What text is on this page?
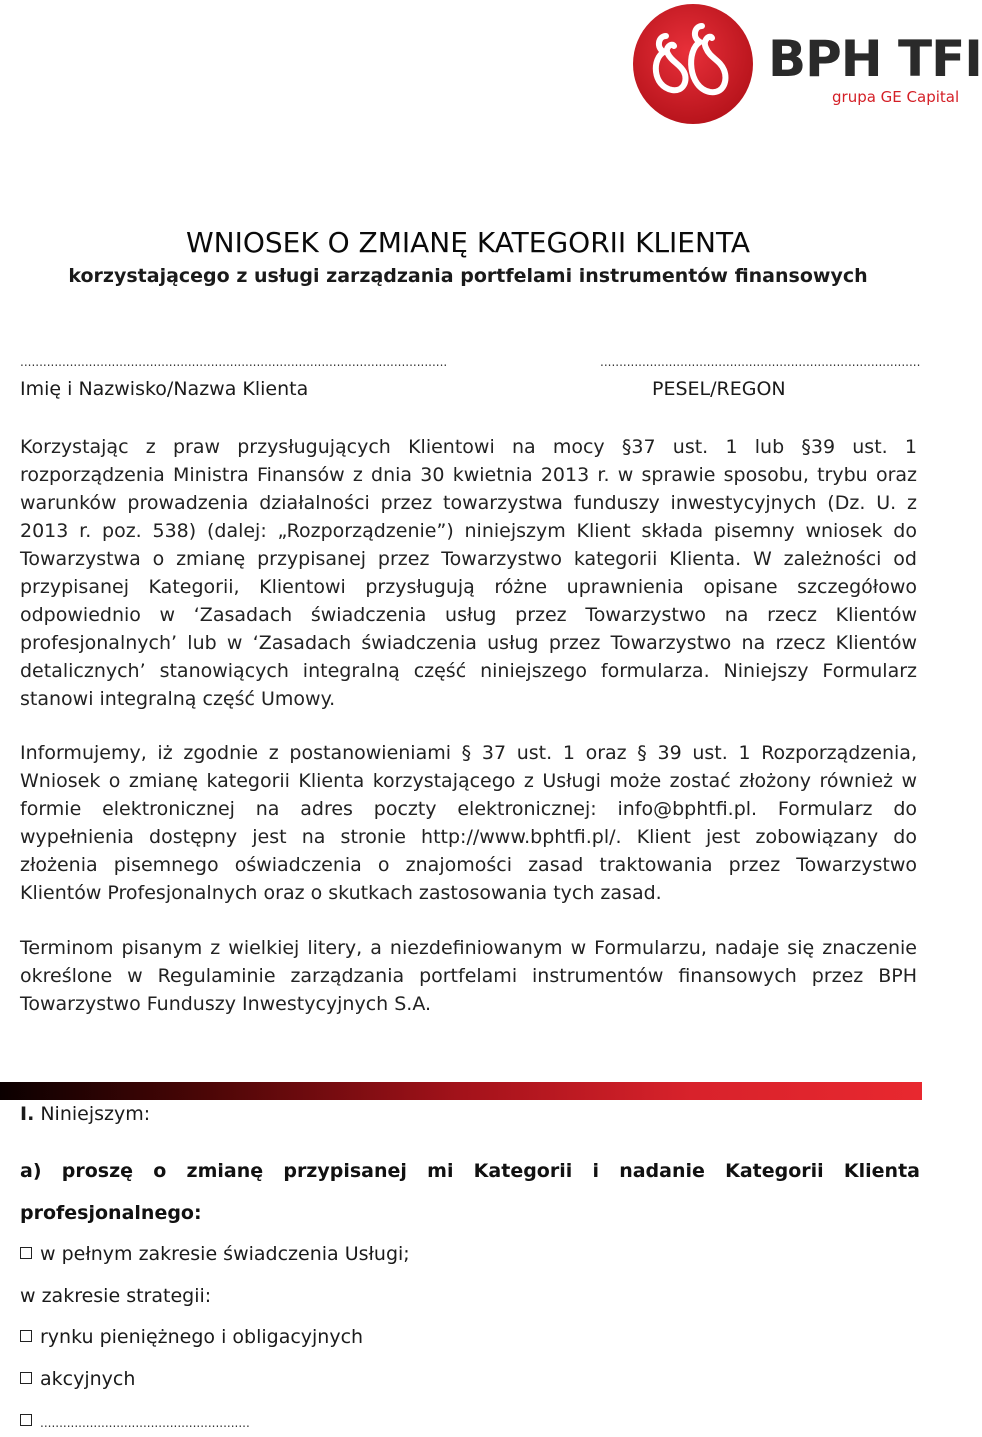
BPH TFI
grupa GE Capital
WNIOSEK O ZMIANĘ KATEGORII KLIENTA
korzystającego z usługi zarządzania portfelami instrumentów finansowych
................................................................................................................	....................................................................................
Imię i Nazwisko/Nazwa Klienta	PESEL/REGON

Korzystając z praw przysługujących Klientowi na mocy §37 ust. 1 lub §39 ust. 1 rozporządzenia Ministra Finansów z dnia 30 kwietnia 2013 r. w sprawie sposobu, trybu oraz warunków prowadzenia działalności przez towarzystwa funduszy inwestycyjnych (Dz. U. z 2013 r. poz. 538) (dalej: „Rozporządzenie”) niniejszym Klient składa pisemny wniosek do Towarzystwa o zmianę przypisanej przez Towarzystwo kategorii Klienta. W zależności od przypisanej Kategorii, Klientowi przysługują różne uprawnienia opisane szczegółowo odpowiednio w ‘Zasadach świadczenia usług przez Towarzystwo na rzecz Klientów profesjonalnych’ lub w ‘Zasadach świadczenia usług przez Towarzystwo na rzecz Klientów detalicznych’ stanowiących integralną część niniejszego formularza. Niniejszy Formularz stanowi integralną część Umowy.

Informujemy, iż zgodnie z postanowieniami § 37 ust. 1 oraz § 39 ust. 1 Rozporządzenia, Wniosek o zmianę kategorii Klienta korzystającego z Usługi może zostać złożony również w formie elektronicznej na adres poczty elektronicznej: info@bphtfi.pl. Formularz do wypełnienia dostępny jest na stronie http://www.bphtfi.pl/. Klient jest zobowiązany do złożenia pisemnego oświadczenia o znajomości zasad traktowania przez Towarzystwo Klientów Profesjonalnych oraz o skutkach zastosowania tych zasad.

Terminom pisanym z wielkiej litery, a niezdefiniowanym w Formularzu, nadaje się znaczenie określone w Regulaminie zarządzania portfelami instrumentów finansowych przez BPH Towarzystwo Funduszy Inwestycyjnych S.A.

I. Niniejszym:

a) proszę o zmianę przypisanej mi Kategorii i nadanie Kategorii Klienta profesjonalnego:

w pełnym zakresie świadczenia Usługi;
w zakresie strategii:
rynku pieniężnego i obligacyjnych
akcyjnych
.......................................................
